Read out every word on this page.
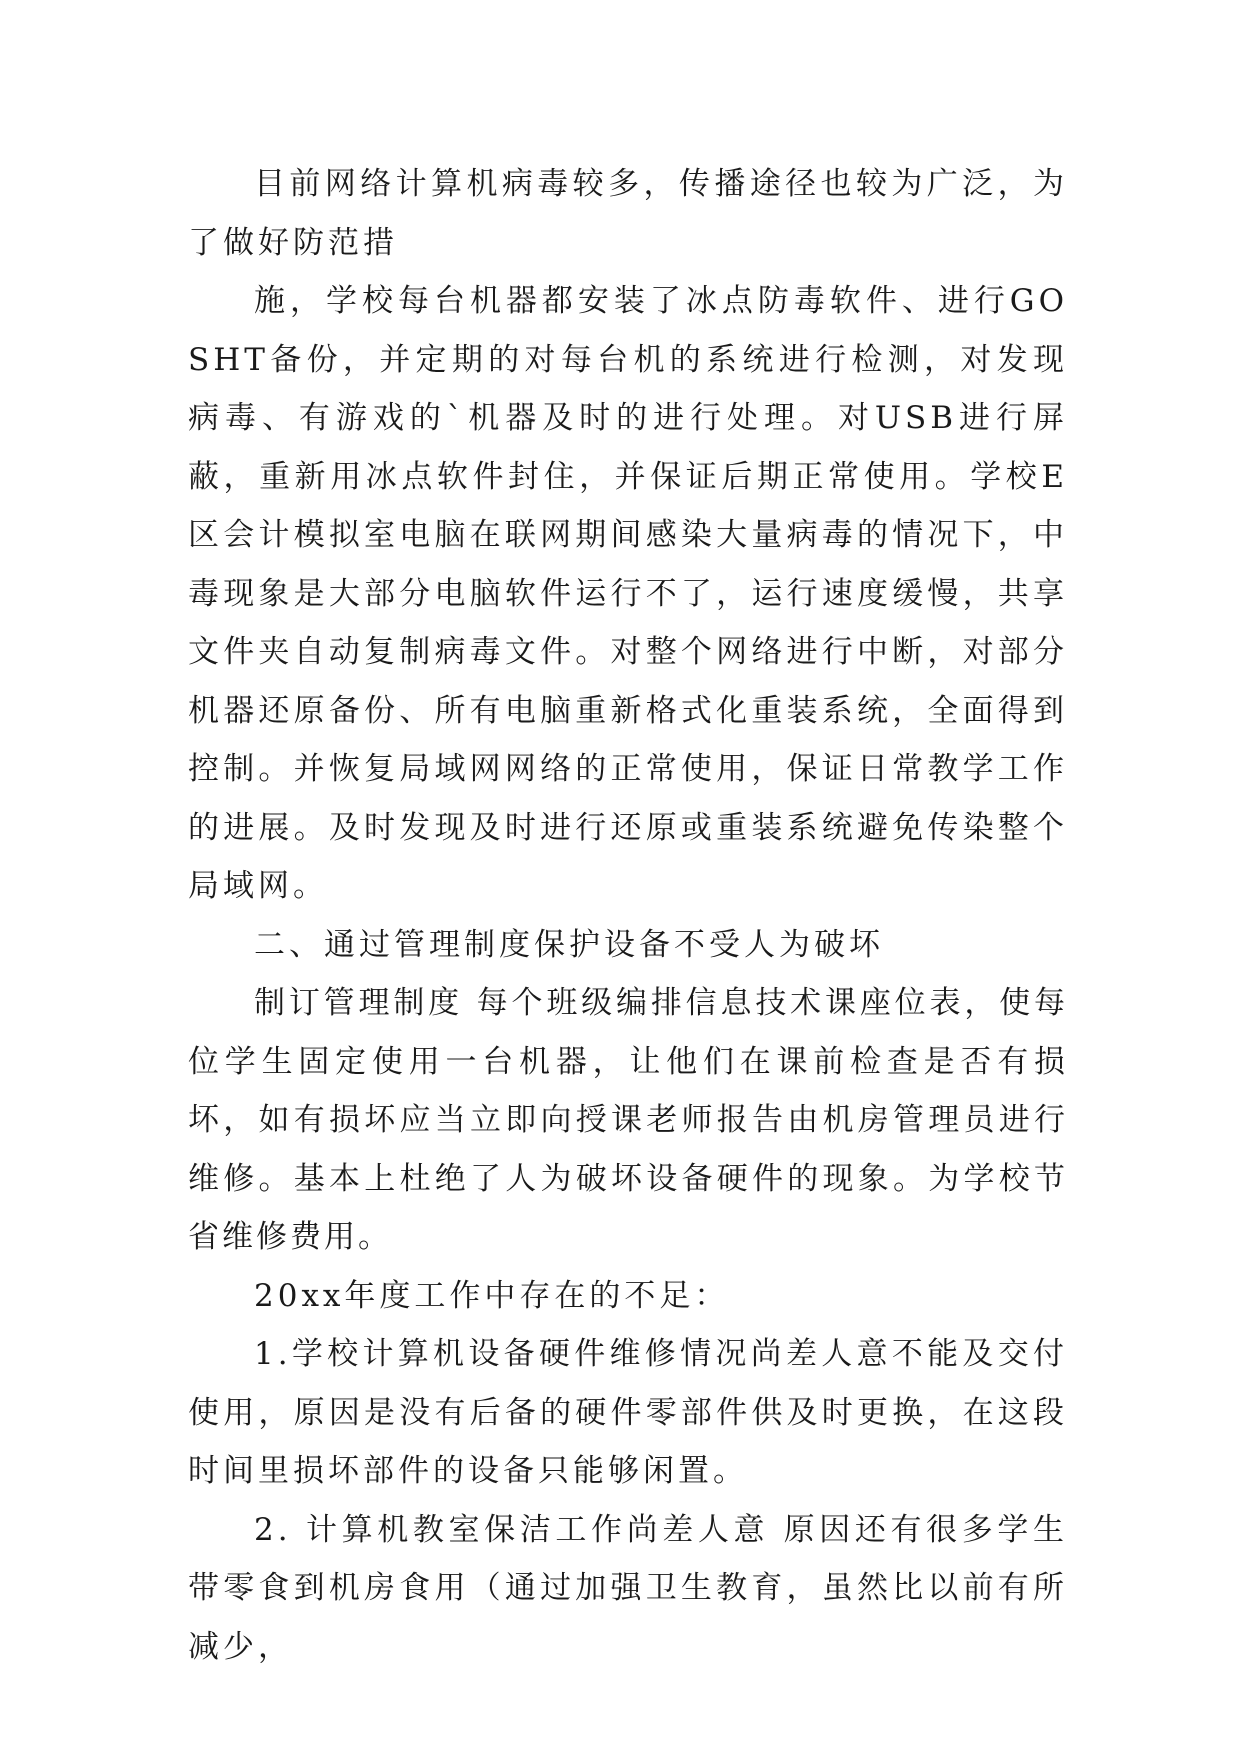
目前网络计算机病毒较多，传播途径也较为广泛，为了做好防范措

施，学校每台机器都安装了冰点防毒软件、进行GOSHT备份，并定期的对每台机的系统进行检测，对发现病毒、有游戏的`机器及时的进行处理。对USB进行屏蔽，重新用冰点软件封住，并保证后期正常使用。学校E区会计模拟室电脑在联网期间感染大量病毒的情况下，中毒现象是大部分电脑软件运行不了，运行速度缓慢，共享文件夹自动复制病毒文件。对整个网络进行中断，对部分机器还原备份、所有电脑重新格式化重装系统，全面得到控制。并恢复局域网网络的正常使用，保证日常教学工作的进展。及时发现及时进行还原或重装系统避免传染整个局域网。

二、通过管理制度保护设备不受人为破坏

制订管理制度 每个班级编排信息技术课座位表，使每位学生固定使用一台机器，让他们在课前检查是否有损坏，如有损坏应当立即向授课老师报告由机房管理员进行维修。基本上杜绝了人为破坏设备硬件的现象。为学校节省维修费用。

20xx年度工作中存在的不足：

1.学校计算机设备硬件维修情况尚差人意不能及交付使用，原因是没有后备的硬件零部件供及时更换，在这段时间里损坏部件的设备只能够闲置。

2. 计算机教室保洁工作尚差人意 原因还有很多学生带零食到机房食用（通过加强卫生教育，虽然比以前有所减少，
